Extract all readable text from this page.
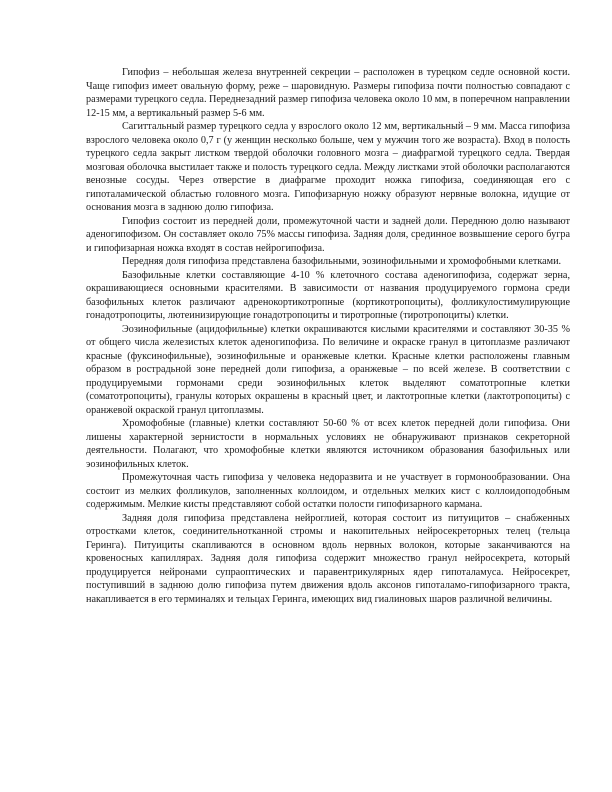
Гипофиз – небольшая железа внутренней секреции – расположен в турецком седле основной кости. Чаще гипофиз имеет овальную форму, реже – шаровидную. Размеры гипофиза почти полностью совпадают с размерами турецкого седла. Переднезадний размер гипофиза человека около 10 мм, в поперечном направлении 12-15 мм, а вертикальный размер 5-6 мм.

Сагиттальный размер турецкого седла у взрослого около 12 мм, вертикальный – 9 мм. Масса гипофиза взрослого человека около 0,7 г (у женщин несколько больше, чем у мужчин того же возраста). Вход в полость турецкого седла закрыт листком твердой оболочки головного мозга – диафрагмой турецкого седла. Твердая мозговая оболочка выстилает также и полость турецкого седла. Между листками этой оболочки располагаются венозные сосуды. Через отверстие в диафрагме проходит ножка гипофиза, соединяющая его с гипоталамической областью головного мозга. Гипофизарную ножку образуют нервные волокна, идущие от основания мозга в заднюю долю гипофиза.

Гипофиз состоит из передней доли, промежуточной части и задней доли. Переднюю долю называют аденогипофизом. Он составляет около 75% массы гипофиза. Задняя доля, срединное возвышение серого бугра и гипофизарная ножка входят в состав нейрогипофиза.

Передняя доля гипофиза представлена базофильными, эозинофильными и хромофобными клетками.

Базофильные клетки составляющие 4-10 % клеточного состава аденогипофиза, содержат зерна, окрашивающиеся основными красителями. В зависимости от названия продуцируемого гормона среди базофильных клеток различают адренокортикотропные (кортикотропоциты), фолликулостимулирующие гонадотропоциты, лютеинизирующие гонадотропоциты и тиротропные (тиротропоциты) клетки.

Эозинофильные (ацидофильные) клетки окрашиваются кислыми красителями и составляют 30-35 % от общего числа железистых клеток аденогипофиза. По величине и окраске гранул в цитоплазме различают красные (фуксинофильные), эозинофильные и оранжевые клетки. Красные клетки расположены главным образом в рострадьной зоне передней доли гипофиза, а оранжевые – по всей железе. В соответствии с продуцируемыми гормонами среди эозинофильных клеток выделяют соматотропные клетки (соматотропоциты), гранулы которых окрашены в красный цвет, и лактотропные клетки (лактотропоциты) с оранжевой окраской гранул цитоплазмы.

Хромофобные (главные) клетки составляют 50-60 % от всех клеток передней доли гипофиза. Они лишены характерной зернистости в нормальных условиях не обнаруживают признаков секреторной деятельности. Полагают, что хромофобные клетки являются источником образования базофильных или эозинофильных клеток.

Промежуточная часть гипофиза у человека недоразвита и не участвует в гормонообразовании. Она состоит из мелких фолликулов, заполненных коллоидом, и отдельных мелких кист с коллоидоподобным содержимым. Мелкие кисты представляют собой остатки полости гипофизарного кармана.

Задняя доля гипофиза представлена нейроглией, которая состоит из питуицитов – снабженных отростками клеток, соединительнотканной стромы и накопительных нейросекреторных телец (тельца Геринга). Питуициты скапливаются в основном вдоль нервных волокон, которые заканчиваются на кровеносных капиллярах. Задняя доля гипофиза содержит множество гранул нейросекрета, который продуцируется нейронами супраоптических и паравентрикулярных ядер гипоталамуса. Нейросекрет, поступивший в заднюю долю гипофиза путем движения вдоль аксонов гипоталамо-гипофизарного тракта, накапливается в его терминалях и тельцах Геринга, имеющих вид гиалиновых шаров различной величины.
